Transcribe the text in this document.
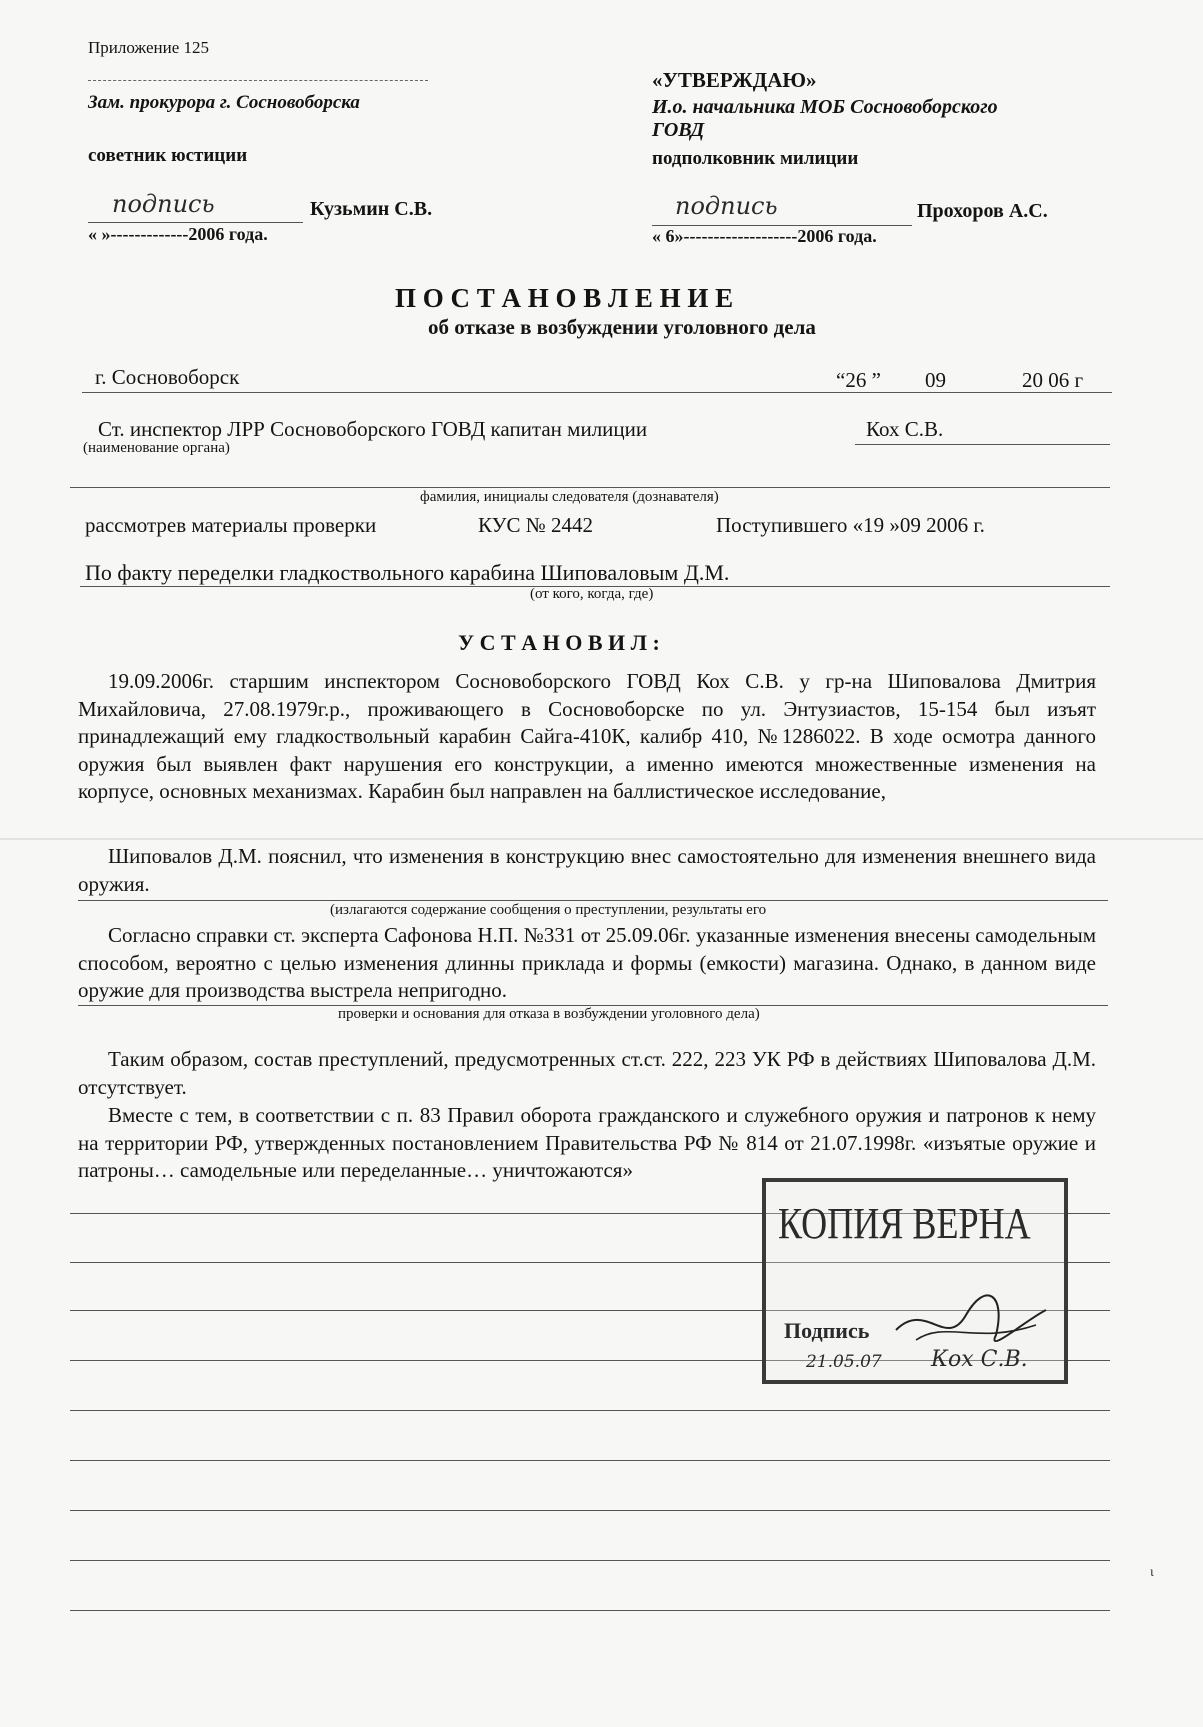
Приложение 125
Зам. прокурора г. Сосновоборска
советник юстиции
подпись	Кузьмин С.В.
« »-------------2006 года.
«УТВЕРЖДАЮ»
И.о. начальника МОБ Сосновоборского
ГОВД
подполковник милиции
подпись	Прохоров А.С.
« 6»-------------------2006 года.
П О С Т А Н О В Л Е Н И Е
об отказе в возбуждении уголовного дела
г. Сосновоборск	“26 ” 09	20 06 г
Ст. инспектор ЛРР Сосновоборского ГОВД капитан милиции	Кох С.В.
(наименование органа)
фамилия, инициалы следователя (дознавателя)
рассмотрев материалы проверки	КУС № 2442	Поступившего «19 »09 2006 г.
По факту переделки гладкоствольного карабина Шиповаловым Д.М.
(от кого, когда, где)
У С Т А Н О В И Л :
19.09.2006г. старшим инспектором Сосновоборского ГОВД Кох С.В. у гр-на Шиповалова Дмитрия Михайловича, 27.08.1979г.р., проживающего в Сосновоборске по ул. Энтузиастов, 15-154 был изъят принадлежащий ему гладкоствольный карабин Сайга-410К, калибр 410, №1286022. В ходе осмотра данного оружия был выявлен факт нарушения его конструкции, а именно имеются множественные изменения на корпусе, основных механизмах. Карабин был направлен на баллистическое исследование,
Шиповалов Д.М. пояснил, что изменения в конструкцию внес самостоятельно для изменения внешнего вида оружия.
(излагаются содержание сообщения о преступлении, результаты его
Согласно справки ст. эксперта Сафонова Н.П. №331 от 25.09.06г. указанные изменения внесены самодельным способом, вероятно с целью изменения длинны приклада и формы (емкости) магазина. Однако, в данном виде оружие для производства выстрела непригодно.
проверки и основания для отказа в возбуждении уголовного дела)
Таким образом, состав преступлений, предусмотренных ст.ст. 222, 223 УК РФ в действиях Шиповалова Д.М. отсутствует.
Вместе с тем, в соответствии с п. 83 Правил оборота гражданского и служебного оружия и патронов к нему на территории РФ, утвержденных постановлением Правительства РФ № 814 от 21.07.1998г. «изъятые оружие и патроны… самодельные или переделанные… уничтожаются»
КОПИЯ ВЕРНА
Подпись
21.05.07 Кох С.В.
ι
